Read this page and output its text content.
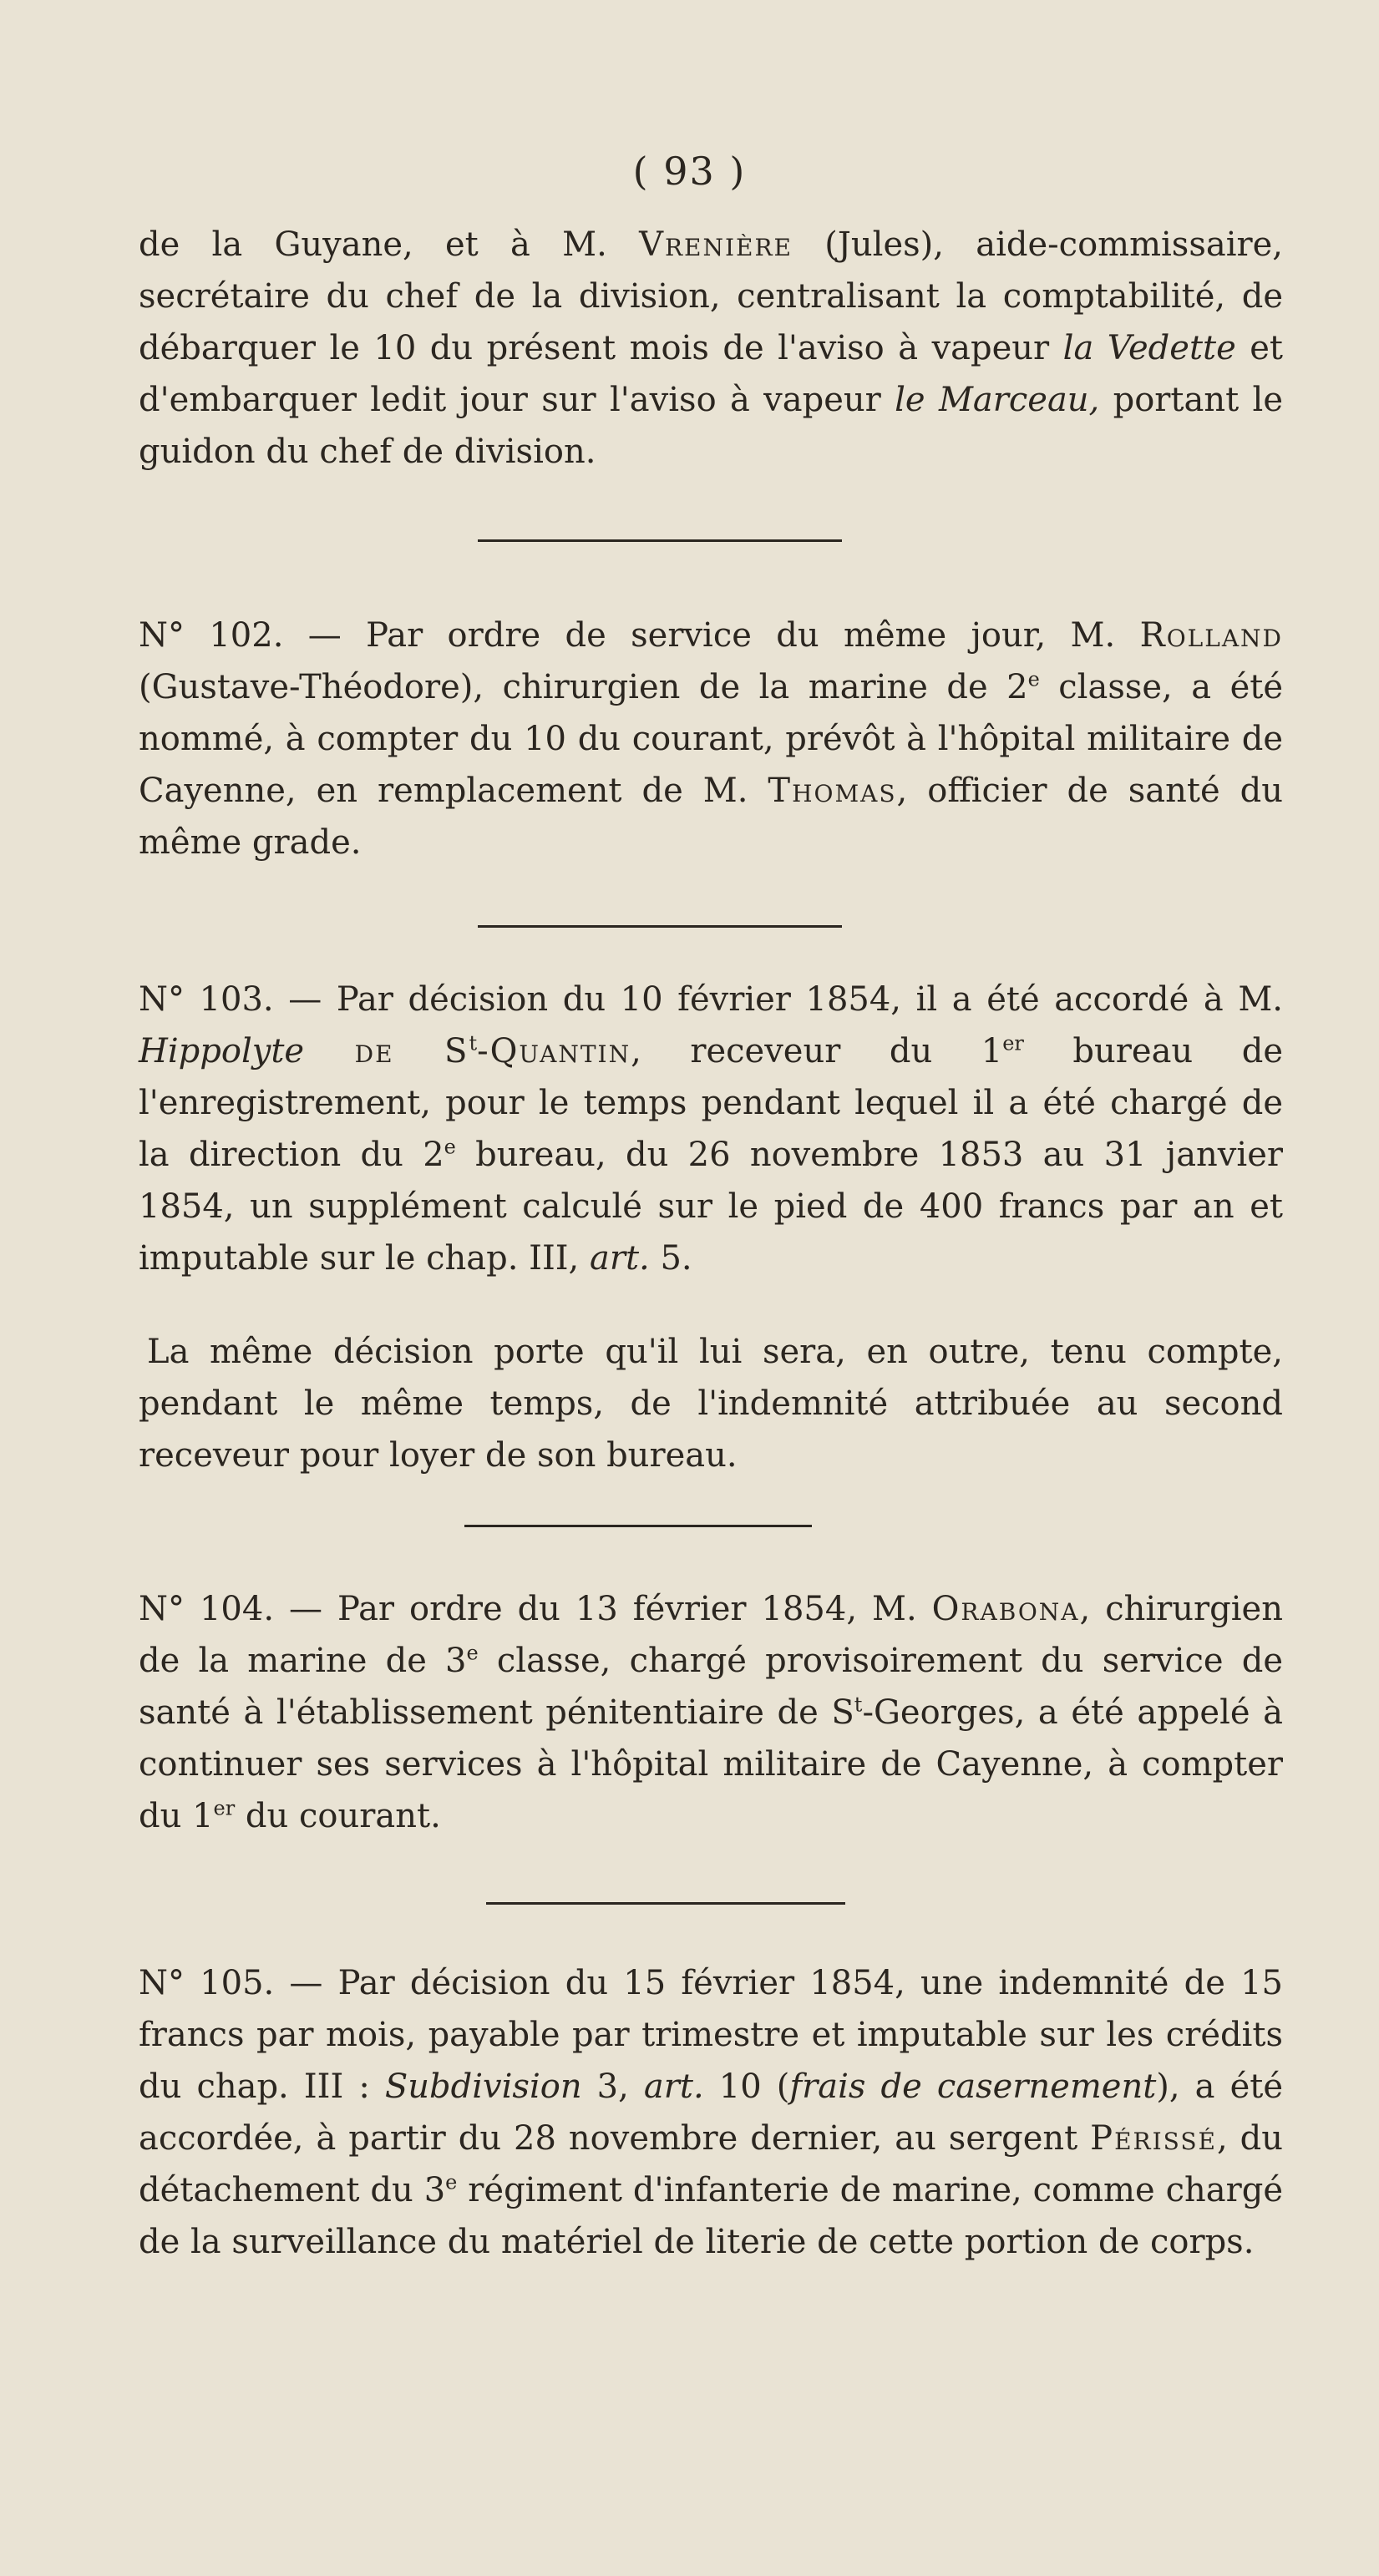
( 93 )
de la Guyane, et à M. Vrenière (Jules), aide-commissaire, secrétaire du chef de la division, centralisant la comptabilité, de débarquer le 10 du présent mois de l'aviso à vapeur la Vedette et d'embarquer ledit jour sur l'aviso à vapeur le Marceau, portant le guidon du chef de division.
N° 102. — Par ordre de service du même jour, M. Rolland (Gustave-Théodore), chirurgien de la marine de 2e classe, a été nommé, à compter du 10 du courant, prévôt à l'hôpital militaire de Cayenne, en remplacement de M. Thomas, officier de santé du même grade.
N° 103. — Par décision du 10 février 1854, il a été accordé à M. Hippolyte de $S^t$-Quantin, receveur du 1er bureau de l'enregistrement, pour le temps pendant lequel il a été chargé de la direction du 2e bureau, du 26 novembre 1853 au 31 janvier 1854, un supplément calculé sur le pied de 400 francs par an et imputable sur le chap. III, art. 5.
La même décision porte qu'il lui sera, en outre, tenu compte, pendant le même temps, de l'indemnité attribuée au second receveur pour loyer de son bureau.
N° 104. — Par ordre du 13 février 1854, M. Orabona, chirurgien de la marine de 3e classe, chargé provisoirement du service de santé à l'établissement pénitentiaire de $S^t$-Georges, a été appelé à continuer ses services à l'hôpital militaire de Cayenne, à compter du 1er du courant.
N° 105. — Par décision du 15 février 1854, une indemnité de 15 francs par mois, payable par trimestre et imputable sur les crédits du chap. III : Subdivision 3, art. 10 (frais de casernement), a été accordée, à partir du 28 novembre dernier, au sergent Périssé, du détachement du 3e régiment d'infanterie de marine, comme chargé de la surveillance du matériel de literie de cette portion de corps.
